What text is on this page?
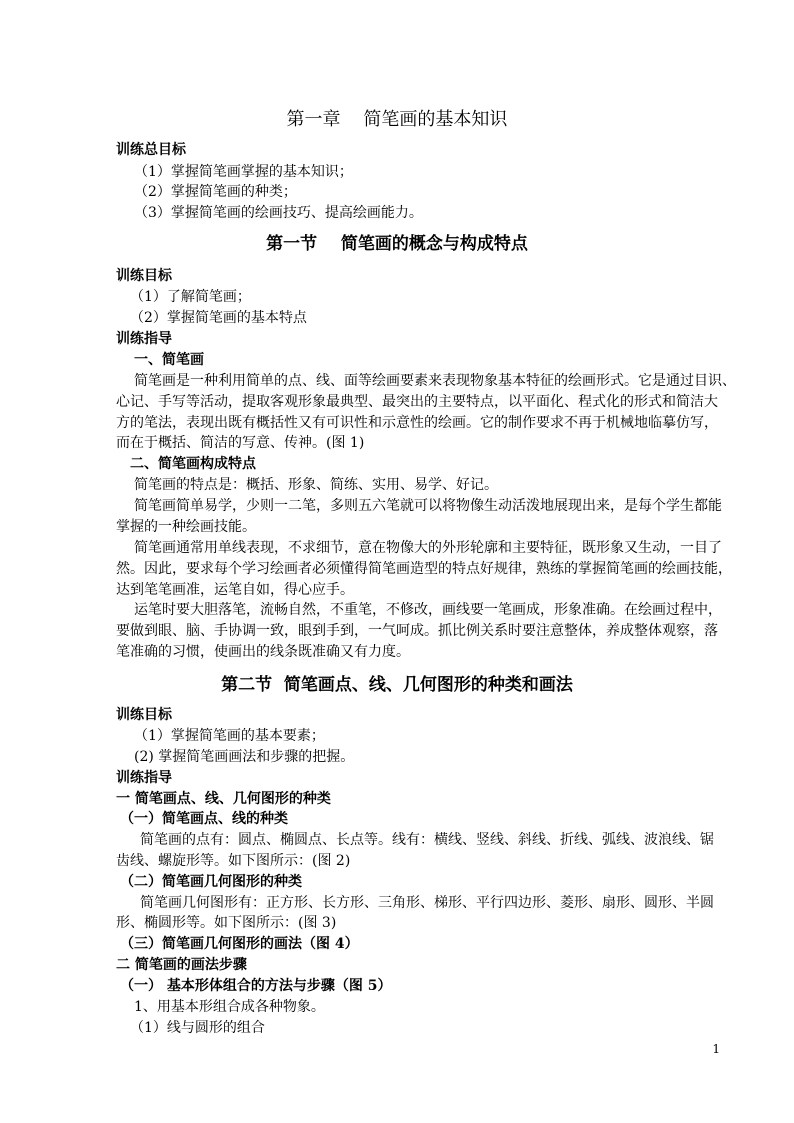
第一章    简笔画的基本知识
训练总目标
（1）掌握简笔画掌握的基本知识；
（2）掌握简笔画的种类；
（3）掌握简笔画的绘画技巧、提高绘画能力。
第一节    简笔画的概念与构成特点
训练目标
（1）了解简笔画；
（2）掌握简笔画的基本特点
训练指导
一、简笔画
简笔画是一种利用简单的点、线、面等绘画要素来表现物象基本特征的绘画形式。它是通过目识、
心记、手写等活动，提取客观形象最典型、最突出的主要特点，以平面化、程式化的形式和简洁大
方的笔法，表现出既有概括性又有可识性和示意性的绘画。它的制作要求不再于机械地临摹仿写，
而在于概括、简洁的写意、传神。(图 1)
二、简笔画构成特点
简笔画的特点是：概括、形象、简练、实用、易学、好记。
简笔画简单易学，少则一二笔，多则五六笔就可以将物像生动活泼地展现出来，是每个学生都能
掌握的一种绘画技能。
简笔画通常用单线表现，不求细节，意在物像大的外形轮廓和主要特征，既形象又生动，一目了
然。因此，要求每个学习绘画者必须懂得简笔画造型的特点好规律，熟练的掌握简笔画的绘画技能，
达到笔笔画准，运笔自如，得心应手。
运笔时要大胆落笔，流畅自然，不重笔，不修改，画线要一笔画成，形象准确。在绘画过程中，
要做到眼、脑、手协调一致，眼到手到，一气呵成。抓比例关系时要注意整体，养成整体观察，落
笔准确的习惯，使画出的线条既准确又有力度。
第二节  简笔画点、线、几何图形的种类和画法
训练目标
（1）掌握简笔画的基本要素；
(2) 掌握简笔画画法和步骤的把握。
训练指导
一 简笔画点、线、几何图形的种类
（一）简笔画点、线的种类
简笔画的点有：圆点、椭圆点、长点等。线有：横线、竖线、斜线、折线、弧线、波浪线、锯
齿线、螺旋形等。如下图所示：(图 2)
（二）简笔画几何图形的种类
简笔画几何图形有：正方形、长方形、三角形、梯形、平行四边形、菱形、扇形、圆形、半圆
形、椭圆形等。如下图所示：(图 3)
（三）简笔画几何图形的画法（图 4）
二 简笔画的画法步骤
（一） 基本形体组合的方法与步骤（图 5）
1、用基本形组合成各种物象。
（1）线与圆形的组合
1
